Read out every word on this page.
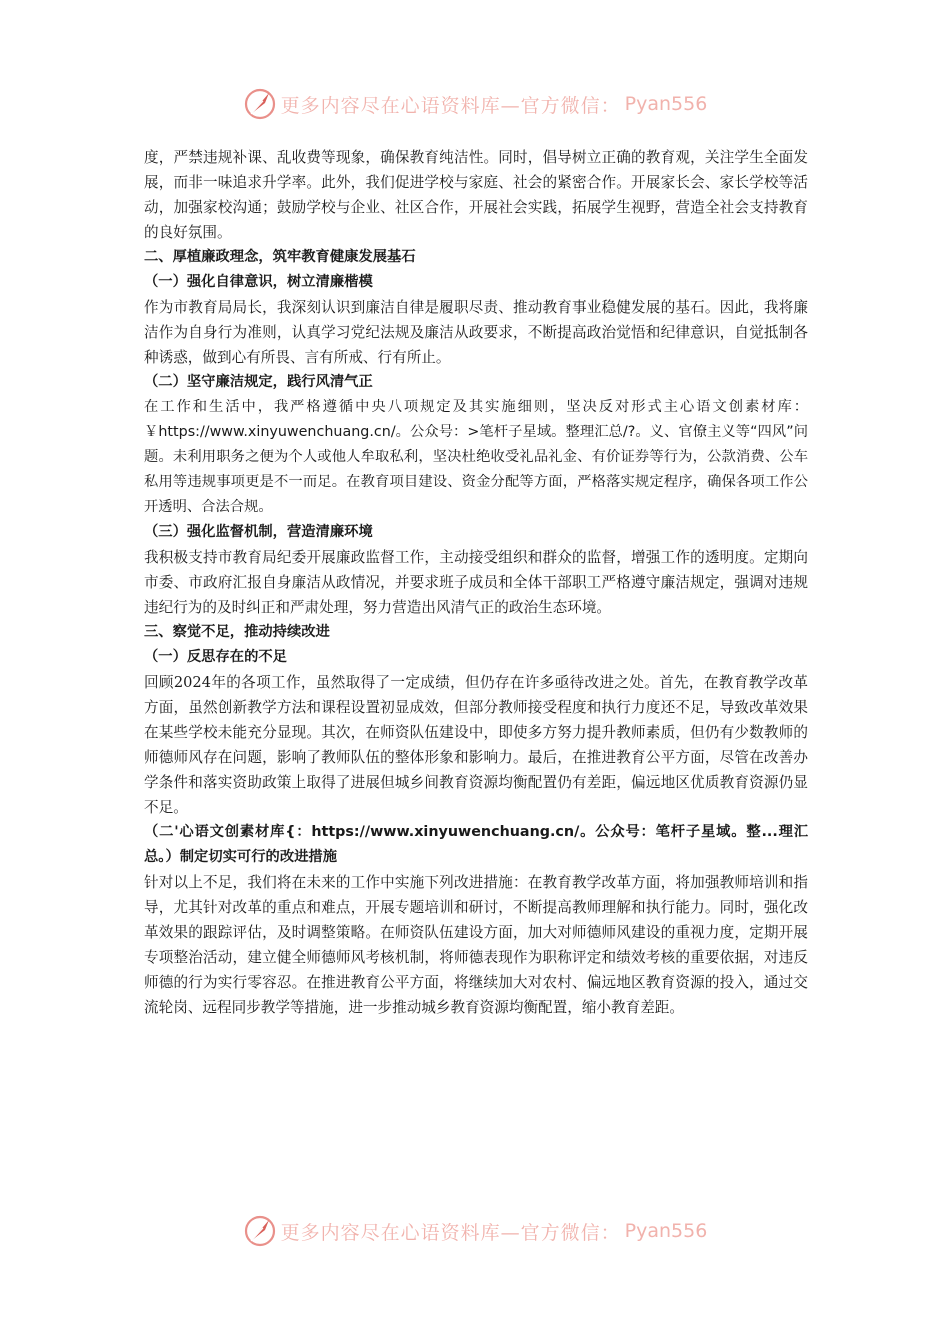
更多内容尽在心语资料库—官方微信： Pyan556

度，严禁违规补课、乱收费等现象，确保教育纯洁性。同时，倡导树立正确的教育观，关注学生全面发展，而非一味追求升学率。此外，我们促进学校与家庭、社会的紧密合作。开展家长会、家长学校等活动，加强家校沟通；鼓励学校与企业、社区合作，开展社会实践，拓展学生视野，营造全社会支持教育的良好氛围。

二、厚植廉政理念，筑牢教育健康发展基石

（一）强化自律意识，树立清廉楷模

作为市教育局局长，我深刻认识到廉洁自律是履职尽责、推动教育事业稳健发展的基石。因此，我将廉洁作为自身行为准则，认真学习党纪法规及廉洁从政要求，不断提高政治觉悟和纪律意识，自觉抵制各种诱惑，做到心有所畏、言有所戒、行有所止。

（二）坚守廉洁规定，践行风清气正

在工作和生活中，我严格遵循中央八项规定及其实施细则，坚决反对形式主心语文创素材库：￥https://www.xinyuwenchuang.cn/。公众号：>笔杆子星域。整理汇总/?。义、官僚主义等“四风”问题。未利用职务之便为个人或他人牟取私利，坚决杜绝收受礼品礼金、有价证券等行为，公款消费、公车私用等违规事项更是不一而足。在教育项目建设、资金分配等方面，严格落实规定程序，确保各项工作公开透明、合法合规。

（三）强化监督机制，营造清廉环境

我积极支持市教育局纪委开展廉政监督工作，主动接受组织和群众的监督，增强工作的透明度。定期向市委、市政府汇报自身廉洁从政情况，并要求班子成员和全体干部职工严格遵守廉洁规定，强调对违规违纪行为的及时纠正和严肃处理，努力营造出风清气正的政治生态环境。

三、察觉不足，推动持续改进

（一）反思存在的不足

回顾2024年的各项工作，虽然取得了一定成绩，但仍存在许多亟待改进之处。首先，在教育教学改革方面，虽然创新教学方法和课程设置初显成效，但部分教师接受程度和执行力度还不足，导致改革效果在某些学校未能充分显现。其次，在师资队伍建设中，即使多方努力提升教师素质，但仍有少数教师的师德师风存在问题，影响了教师队伍的整体形象和影响力。最后，在推进教育公平方面，尽管在改善办学条件和落实资助政策上取得了进展但城乡间教育资源均衡配置仍有差距，偏远地区优质教育资源仍显不足。

（二'心语文创素材库{：https://www.xinyuwenchuang.cn/。公众号：笔杆子星域。整...理汇总。）制定切实可行的改进措施

针对以上不足，我们将在未来的工作中实施下列改进措施：在教育教学改革方面，将加强教师培训和指导，尤其针对改革的重点和难点，开展专题培训和研讨，不断提高教师理解和执行能力。同时，强化改革效果的跟踪评估，及时调整策略。在师资队伍建设方面，加大对师德师风建设的重视力度，定期开展专项整治活动，建立健全师德师风考核机制，将师德表现作为职称评定和绩效考核的重要依据，对违反师德的行为实行零容忍。在推进教育公平方面，将继续加大对农村、偏远地区教育资源的投入，通过交流轮岗、远程同步教学等措施，进一步推动城乡教育资源均衡配置，缩小教育差距。

更多内容尽在心语资料库—官方微信： Pyan556
